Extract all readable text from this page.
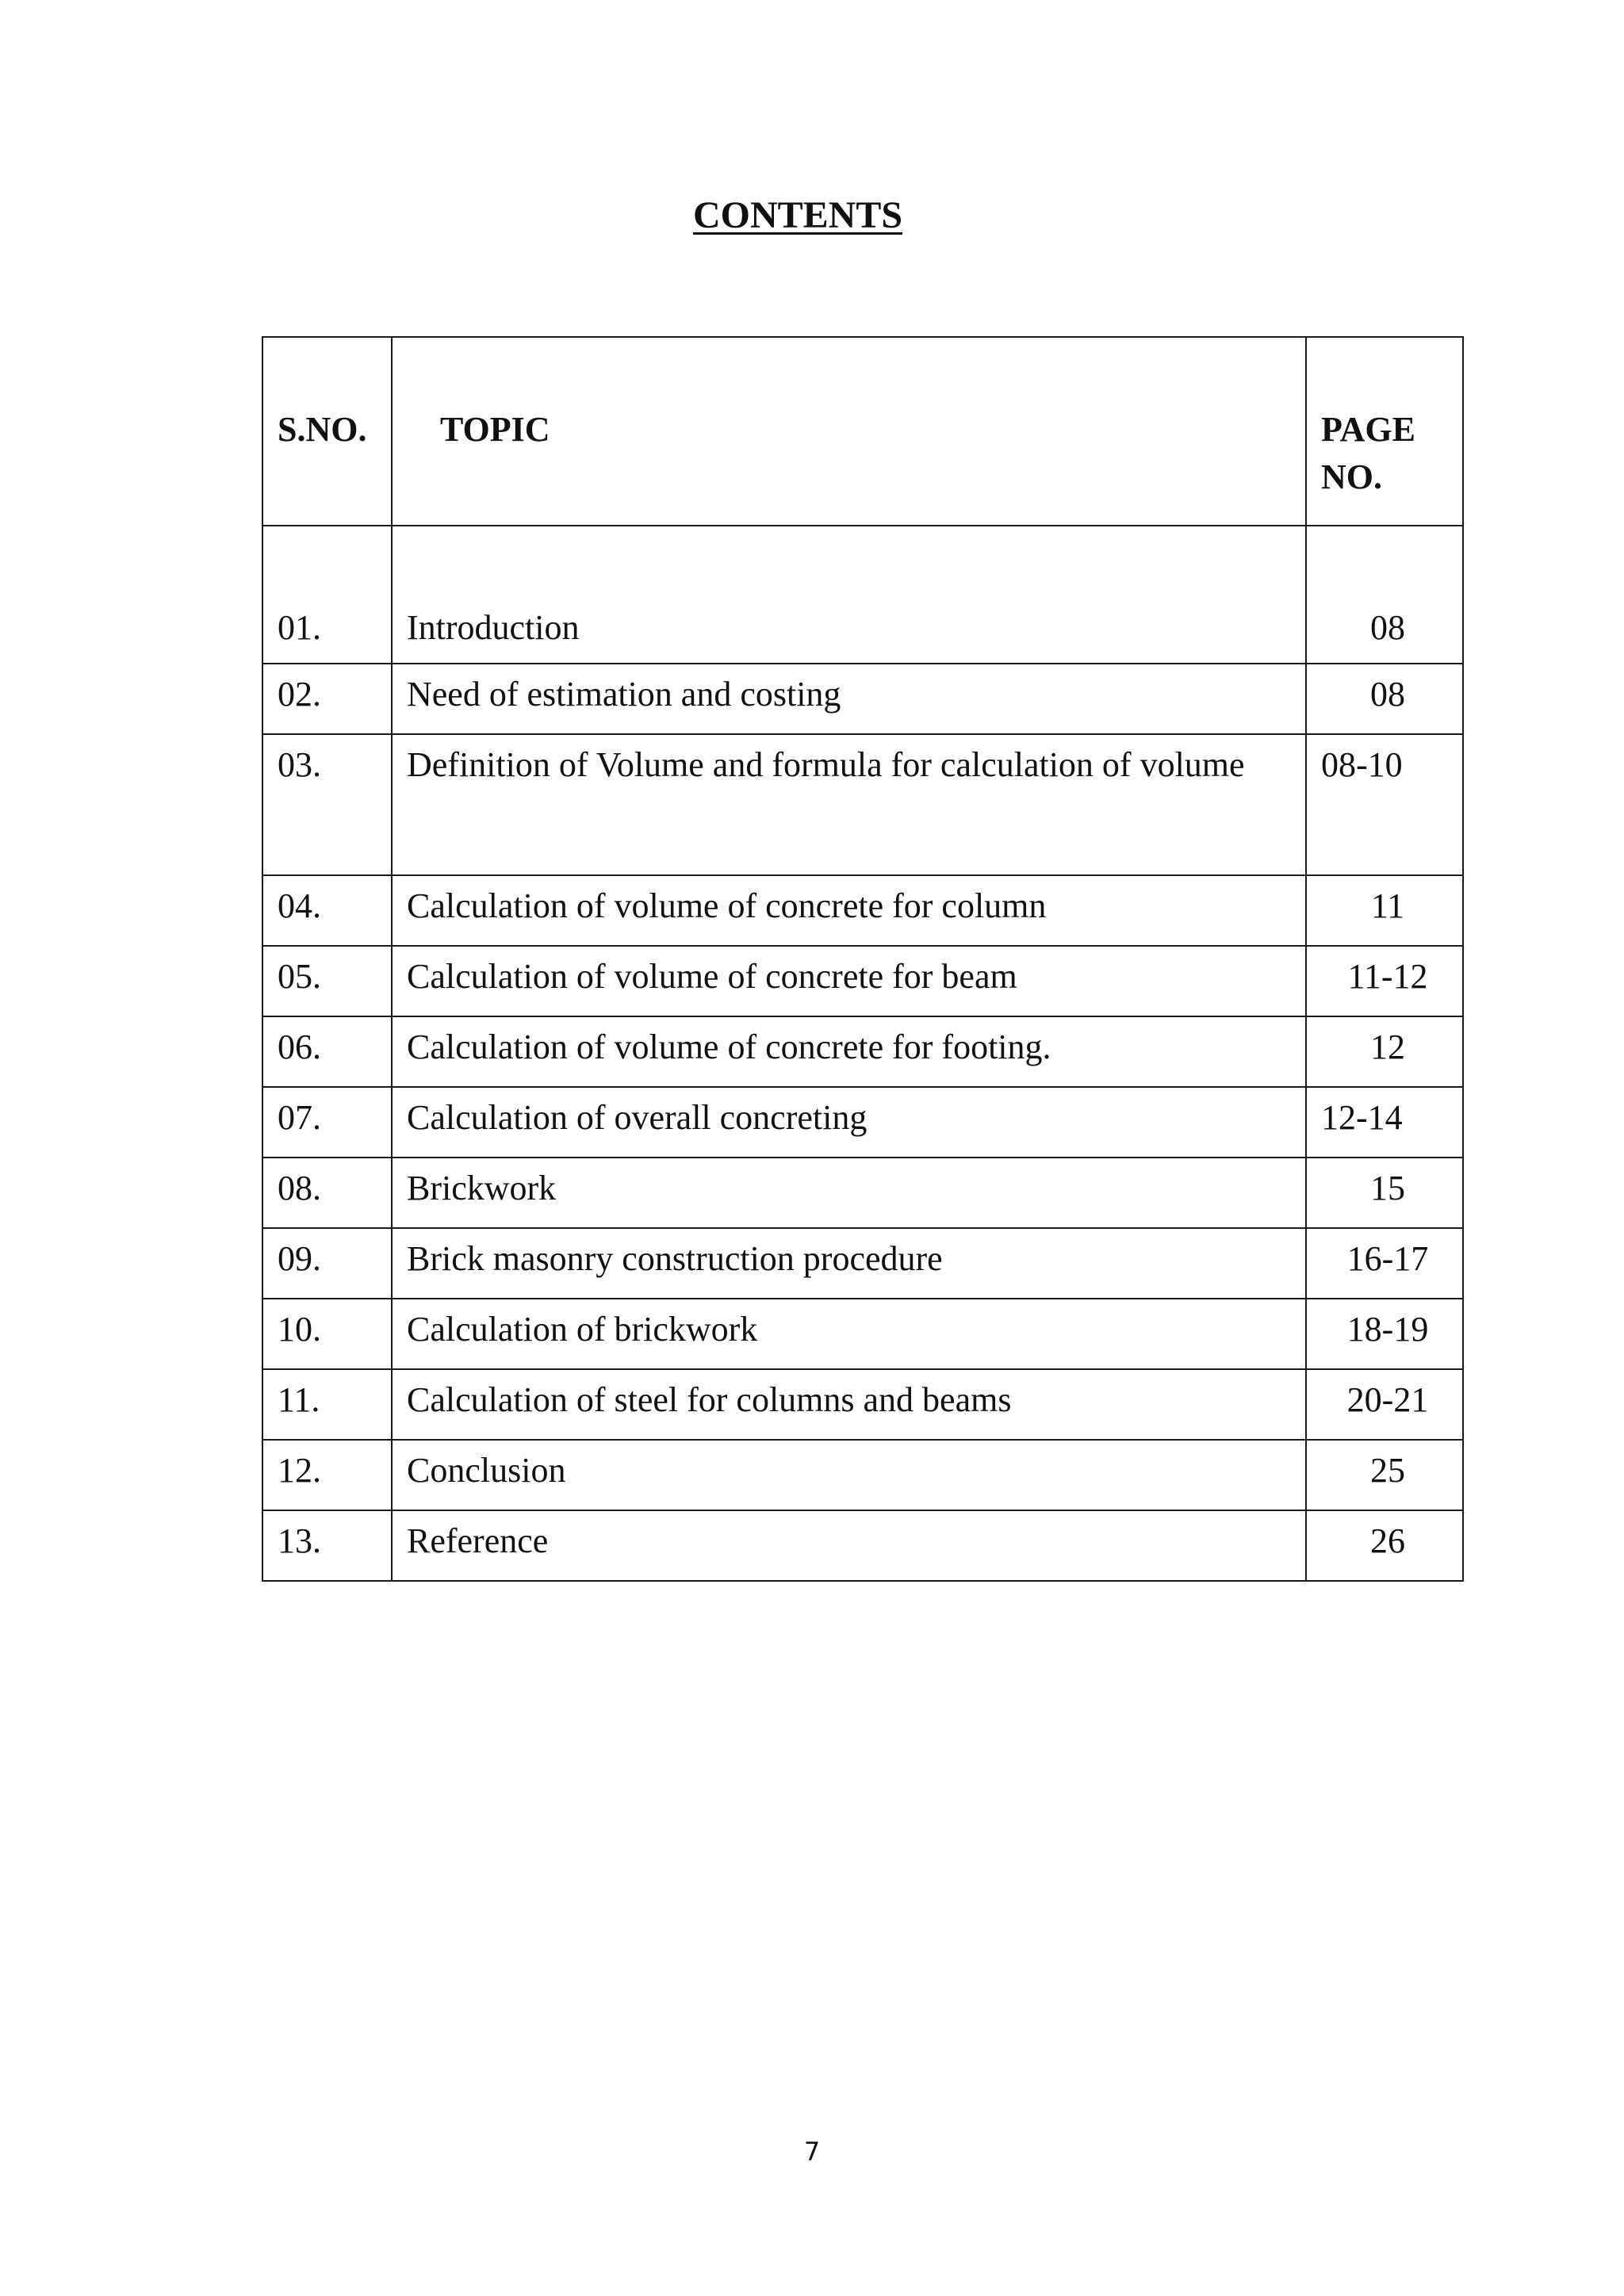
CONTENTS
S.NO.	TOPIC	PAGE
NO.

01.	Introduction	08
02.	Need of estimation and costing	08
03.	Definition of Volume and formula for calculation of volume	08-10
04.	Calculation of volume of concrete for column	11
05.	Calculation of volume of concrete for beam	11-12
06.	Calculation of volume of concrete for footing.	12
07.	Calculation of overall concreting	12-14
08.	Brickwork	15
09.	Brick masonry construction procedure	16-17
10.	Calculation of brickwork	18-19
11.	Calculation of steel for columns and beams	20-21
12.	Conclusion	25
13.	Reference	26
7
